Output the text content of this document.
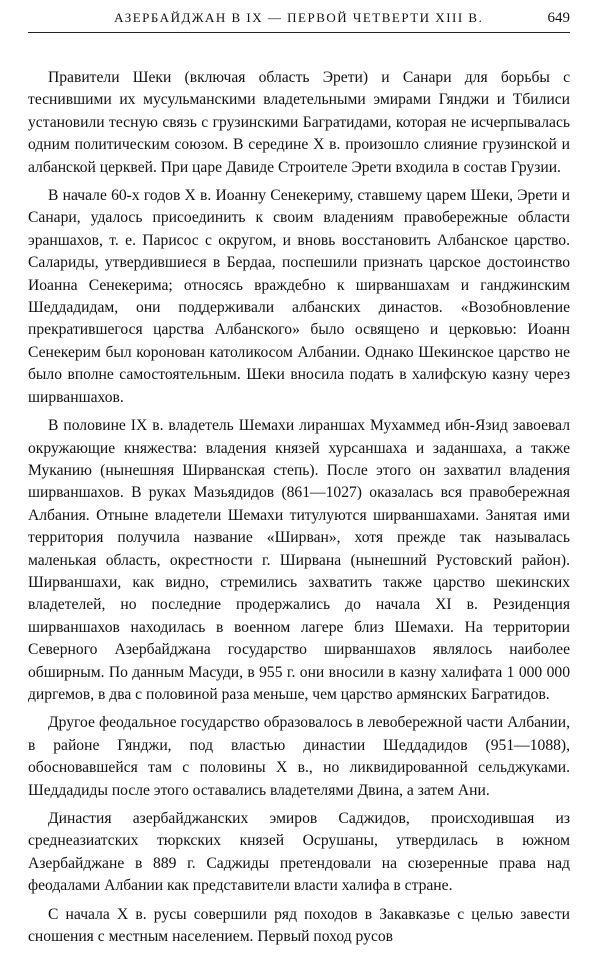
АЗЕРБАЙДЖАН В IX — ПЕРВОЙ ЧЕТВЕРТИ XIII В.	649

Правители Шеки (включая область Эрети) и Санари для борьбы с теснившими их мусульманскими владетельными эмирами Гянджи и Тбилиси установили тесную связь с грузинскими Багратидами, которая не исчерпывалась одним политическим союзом. В середине X в. произошло слияние грузинской и албанской церквей. При царе Давиде Строителе Эрети входила в состав Грузии.

В начале 60-х годов X в. Иоанну Сенекериму, ставшему царем Шеки, Эрети и Санари, удалось присоединить к своим владениям правобережные области эраншахов, т. е. Парисос с округом, и вновь восстановить Албанское царство. Салариды, утвердившиеся в Бердаа, поспешили признать царское достоинство Иоанна Сенекерима; относясь враждебно к ширваншахам и ганджинским Шеддадидам, они поддерживали албанских династов. «Возобновление прекратившегося царства Албанского» было освящено и церковью: Иоанн Сенекерим был коронован католикосом Албании. Однако Шекинское царство не было вполне самостоятельным. Шеки вносила подать в халифскую казну через ширваншахов.

В половине IX в. владетель Шемахи лираншах Мухаммед ибн-Язид завоевал окружающие княжества: владения князей хурсаншаха и заданшаха, а также Муканию (нынешняя Ширванская степь). После этого он захватил владения ширваншахов. В руках Мазьядидов (861—1027) оказалась вся правобережная Албания. Отныне владетели Шемахи титулуются ширваншахами. Занятая ими территория получила название «Ширван», хотя прежде так называлась маленькая область, окрестности г. Ширвана (нынешний Рустовский район). Ширваншахи, как видно, стремились захватить также царство шекинских владетелей, но последние продержались до начала XI в. Резиденция ширваншахов находилась в военном лагере близ Шемахи. На территории Северного Азербайджана государство ширваншахов являлось наиболее обширным. По данным Масуди, в 955 г. они вносили в казну халифата 1 000 000 диргемов, в два с половиной раза меньше, чем царство армянских Багратидов.

Другое феодальное государство образовалось в левобережной части Албании, в районе Гянджи, под властью династии Шеддадидов (951—1088), обосновавшейся там с половины X в., но ликвидированной сельджуками. Шеддадиды после этого оставались владетелями Двина, а затем Ани.

Династия азербайджанских эмиров Саджидов, происходившая из среднеазиатских тюркских князей Осрушаны, утвердилась в южном Азербайджане в 889 г. Саджиды претендовали на сюзеренные права над феодалами Албании как представители власти халифа в стране.

С начала X в. русы совершили ряд походов в Закавказье с целью завести сношения с местным населением. Первый поход русов
